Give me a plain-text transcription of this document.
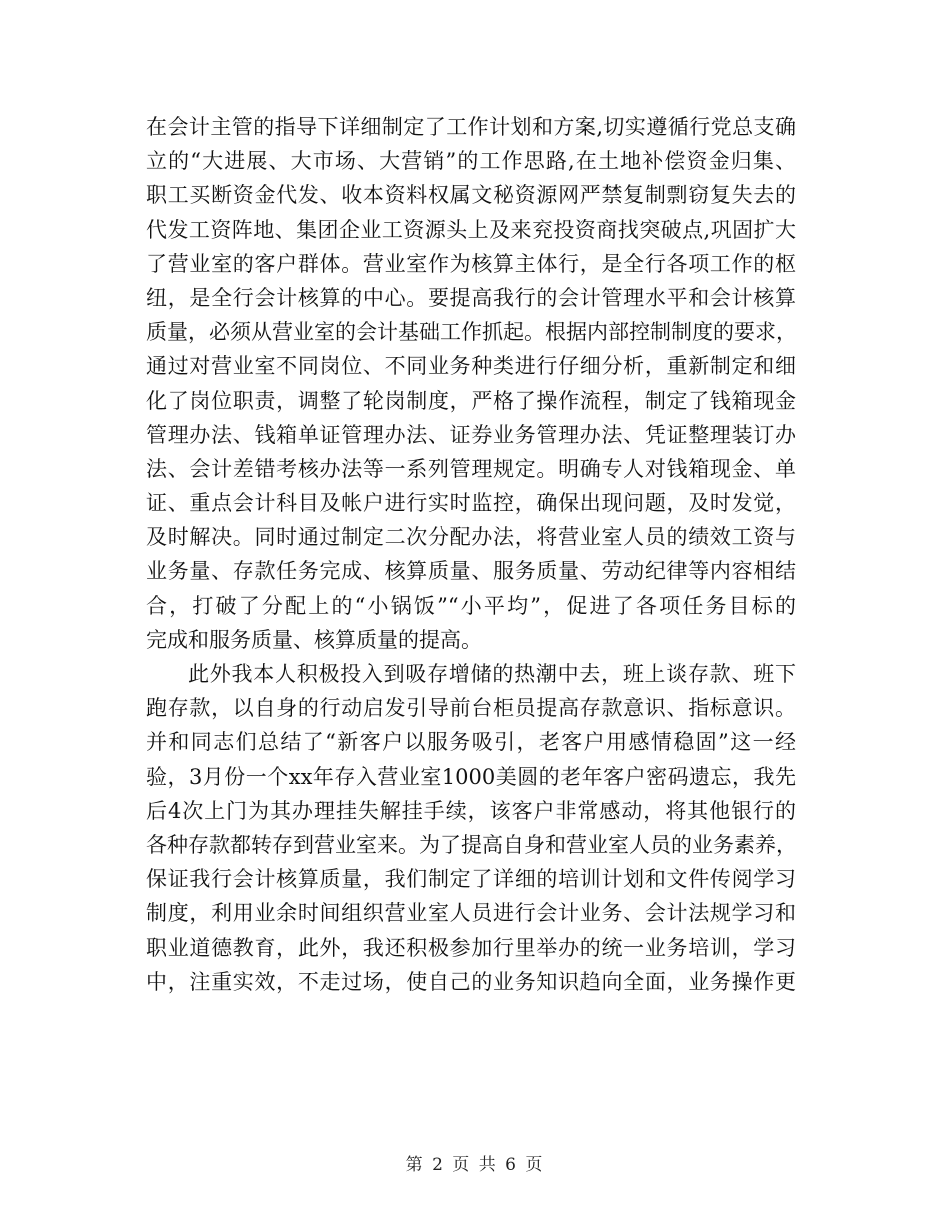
在会计主管的指导下详细制定了工作计划和方案,切实遵循行党总支确
立的“大进展、大市场、大营销”的工作思路,在土地补偿资金归集、
职工买断资金代发、收本资料权属文秘资源网严禁复制剽窃复失去的
代发工资阵地、集团企业工资源头上及来兖投资商找突破点,巩固扩大
了营业室的客户群体。营业室作为核算主体行，是全行各项工作的枢
纽，是全行会计核算的中心。要提高我行的会计管理水平和会计核算
质量，必须从营业室的会计基础工作抓起。根据内部控制制度的要求，
通过对营业室不同岗位、不同业务种类进行仔细分析，重新制定和细
化了岗位职责，调整了轮岗制度，严格了操作流程，制定了钱箱现金
管理办法、钱箱单证管理办法、证券业务管理办法、凭证整理装订办
法、会计差错考核办法等一系列管理规定。明确专人对钱箱现金、单
证、重点会计科目及帐户进行实时监控，确保出现问题，及时发觉，
及时解决。同时通过制定二次分配办法，将营业室人员的绩效工资与
业务量、存款任务完成、核算质量、服务质量、劳动纪律等内容相结
合，打破了分配上的“小锅饭”“小平均”，促进了各项任务目标的
完成和服务质量、核算质量的提高。
此外我本人积极投入到吸存增储的热潮中去，班上谈存款、班下
跑存款，以自身的行动启发引导前台柜员提高存款意识、指标意识。
并和同志们总结了“新客户以服务吸引，老客户用感情稳固”这一经
验，3月份一个xx年存入营业室1000美圆的老年客户密码遗忘，我先
后4次上门为其办理挂失解挂手续，该客户非常感动，将其他银行的
各种存款都转存到营业室来。为了提高自身和营业室人员的业务素养，
保证我行会计核算质量，我们制定了详细的培训计划和文件传阅学习
制度，利用业余时间组织营业室人员进行会计业务、会计法规学习和
职业道德教育，此外，我还积极参加行里举办的统一业务培训，学习
中，注重实效，不走过场，使自己的业务知识趋向全面，业务操作更
第 2 页 共 6 页
